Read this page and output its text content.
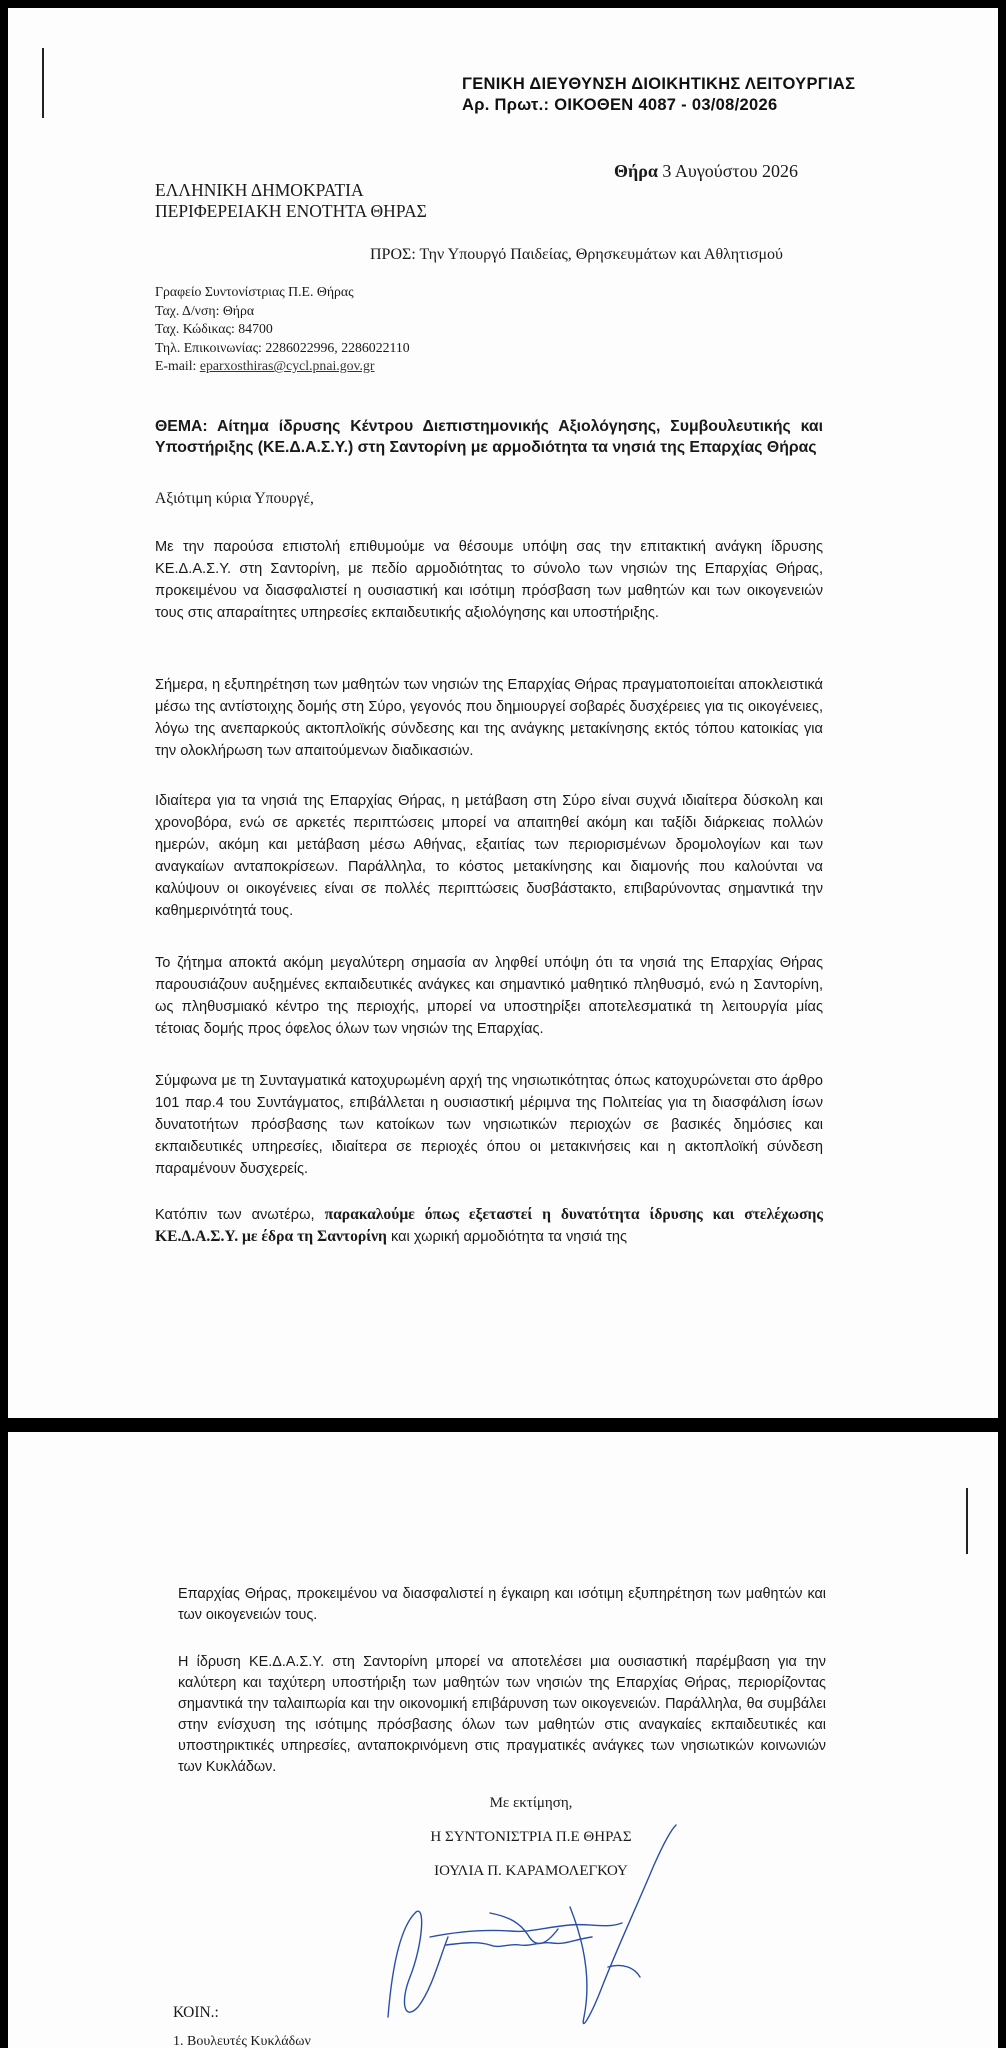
ΓΕΝΙΚΗ ΔΙΕΥΘΥΝΣΗ ΔΙΟΙΚΗΤΙΚΗΣ ΛΕΙΤΟΥΡΓΙΑΣ
Αρ. Πρωτ.: ΟΙΚΟΘΕΝ 4087 - 03/08/2026
Θήρα 3 Αυγούστου 2026
ΕΛΛΗΝΙΚΗ ΔΗΜΟΚΡΑΤΙΑ
ΠΕΡΙΦΕΡΕΙΑΚΗ ΕΝΟΤΗΤΑ ΘΗΡΑΣ
ΠΡΟΣ: Την Υπουργό Παιδείας, Θρησκευμάτων και Αθλητισμού
Γραφείο Συντονίστριας Π.Ε. Θήρας
Ταχ. Δ/νση: Θήρα
Ταχ. Κώδικας: 84700
Τηλ. Επικοινωνίας: 2286022996, 2286022110
E-mail: eparxosthiras@cycl.pnai.gov.gr
ΘΕΜΑ: Αίτημα ίδρυσης Κέντρου Διεπιστημονικής Αξιολόγησης, Συμβουλευτικής και Υποστήριξης (ΚΕ.Δ.Α.Σ.Υ.) στη Σαντορίνη με αρμοδιότητα τα νησιά της Επαρχίας Θήρας
Αξιότιμη κύρια Υπουργέ,

Με την παρούσα επιστολή επιθυμούμε να θέσουμε υπόψη σας την επιτακτική ανάγκη ίδρυσης ΚΕ.Δ.Α.Σ.Υ. στη Σαντορίνη, με πεδίο αρμοδιότητας το σύνολο των νησιών της Επαρχίας Θήρας, προκειμένου να διασφαλιστεί η ουσιαστική και ισότιμη πρόσβαση των μαθητών και των οικογενειών τους στις απαραίτητες υπηρεσίες εκπαιδευτικής αξιολόγησης και υποστήριξης.

Σήμερα, η εξυπηρέτηση των μαθητών των νησιών της Επαρχίας Θήρας πραγματοποιείται αποκλειστικά μέσω της αντίστοιχης δομής στη Σύρο, γεγονός που δημιουργεί σοβαρές δυσχέρειες για τις οικογένειες, λόγω της ανεπαρκούς ακτοπλοϊκής σύνδεσης και της ανάγκης μετακίνησης εκτός τόπου κατοικίας για την ολοκλήρωση των απαιτούμενων διαδικασιών.

Ιδιαίτερα για τα νησιά της Επαρχίας Θήρας, η μετάβαση στη Σύρο είναι συχνά ιδιαίτερα δύσκολη και χρονοβόρα, ενώ σε αρκετές περιπτώσεις μπορεί να απαιτηθεί ακόμη και ταξίδι διάρκειας πολλών ημερών, ακόμη και μετάβαση μέσω Αθήνας, εξαιτίας των περιορισμένων δρομολογίων και των αναγκαίων ανταποκρίσεων. Παράλληλα, το κόστος μετακίνησης και διαμονής που καλούνται να καλύψουν οι οικογένειες είναι σε πολλές περιπτώσεις δυσβάστακτο, επιβαρύνοντας σημαντικά την καθημερινότητά τους.

Το ζήτημα αποκτά ακόμη μεγαλύτερη σημασία αν ληφθεί υπόψη ότι τα νησιά της Επαρχίας Θήρας παρουσιάζουν αυξημένες εκπαιδευτικές ανάγκες και σημαντικό μαθητικό πληθυσμό, ενώ η Σαντορίνη, ως πληθυσμιακό κέντρο της περιοχής, μπορεί να υποστηρίξει αποτελεσματικά τη λειτουργία μίας τέτοιας δομής προς όφελος όλων των νησιών της Επαρχίας.

Σύμφωνα με τη Συνταγματικά κατοχυρωμένη αρχή της νησιωτικότητας όπως κατοχυρώνεται στο άρθρο 101 παρ.4 του Συντάγματος, επιβάλλεται η ουσιαστική μέριμνα της Πολιτείας για τη διασφάλιση ίσων δυνατοτήτων πρόσβασης των κατοίκων των νησιωτικών περιοχών σε βασικές δημόσιες και εκπαιδευτικές υπηρεσίες, ιδιαίτερα σε περιοχές όπου οι μετακινήσεις και η ακτοπλοϊκή σύνδεση παραμένουν δυσχερείς.

Κατόπιν των ανωτέρω, παρακαλούμε όπως εξεταστεί η δυνατότητα ίδρυσης και στελέχωσης ΚΕ.Δ.Α.Σ.Υ. με έδρα τη Σαντορίνη και χωρική αρμοδιότητα τα νησιά της

Επαρχίας Θήρας, προκειμένου να διασφαλιστεί η έγκαιρη και ισότιμη εξυπηρέτηση των μαθητών και των οικογενειών τους.

Η ίδρυση ΚΕ.Δ.Α.Σ.Υ. στη Σαντορίνη μπορεί να αποτελέσει μια ουσιαστική παρέμβαση για την καλύτερη και ταχύτερη υποστήριξη των μαθητών των νησιών της Επαρχίας Θήρας, περιορίζοντας σημαντικά την ταλαιπωρία και την οικονομική επιβάρυνση των οικογενειών. Παράλληλα, θα συμβάλει στην ενίσχυση της ισότιμης πρόσβασης όλων των μαθητών στις αναγκαίες εκπαιδευτικές και υποστηρικτικές υπηρεσίες, ανταποκρινόμενη στις πραγματικές ανάγκες των νησιωτικών κοινωνιών των Κυκλάδων.

Με εκτίμηση,
Η ΣΥΝΤΟΝΙΣΤΡΙΑ Π.Ε ΘΗΡΑΣ
ΙΟΥΛΙΑ Π. ΚΑΡΑΜΟΛΕΓΚΟΥ
ΚΟΙΝ.:
1. Βουλευτές Κυκλάδων
